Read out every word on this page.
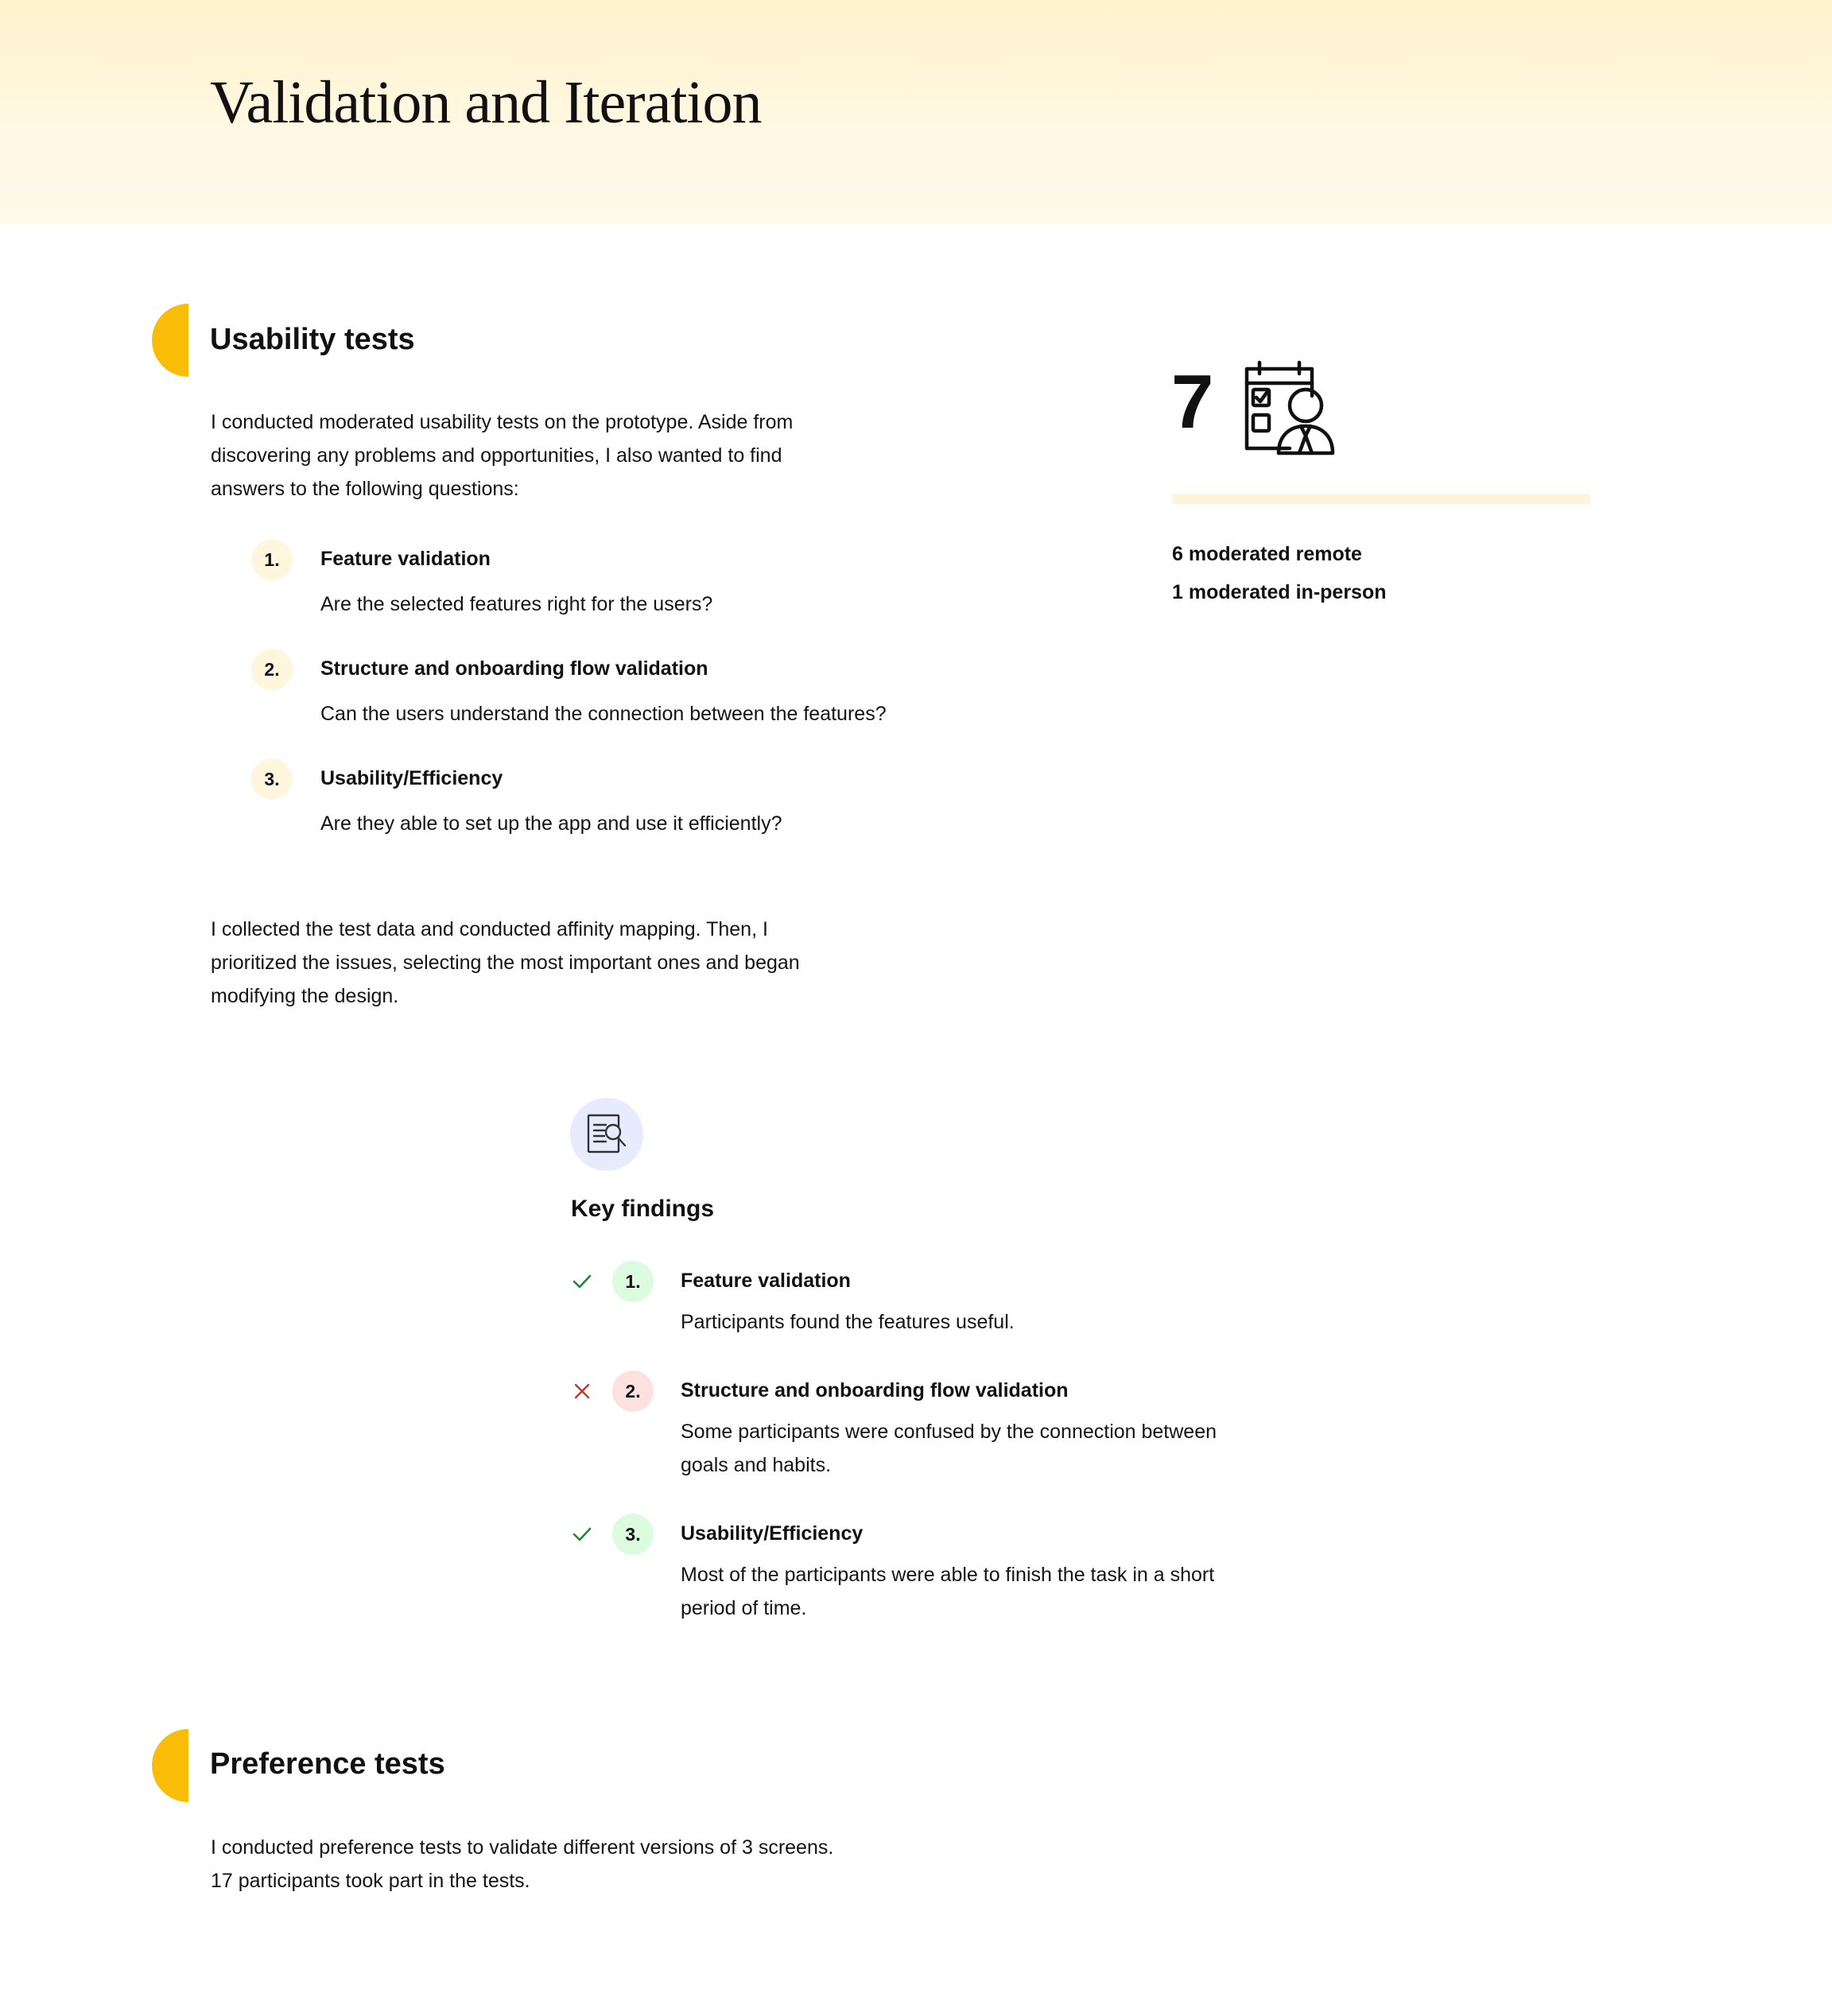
Validation and Iteration
Usability tests
I conducted moderated usability tests on the prototype. Aside from
discovering any problems and opportunities, I also wanted to find
answers to the following questions:
1.	Feature validation
Are the selected features right for the users?
2.	Structure and onboarding flow validation
Can the users understand the connection between the features?
3.	Usability/Efficiency
Are they able to set up the app and use it efficiently?
I collected the test data and conducted affinity mapping. Then, I
prioritized the issues, selecting the most important ones and began
modifying the design.
7
6 moderated remote
1 moderated in-person
Key findings
1.	Feature validation
Participants found the features useful.
2.	Structure and onboarding flow validation
Some participants were confused by the connection between
goals and habits.
3.	Usability/Efficiency
Most of the participants were able to finish the task in a short
period of time.
Preference tests
I conducted preference tests to validate different versions of 3 screens.
17 participants took part in the tests.
